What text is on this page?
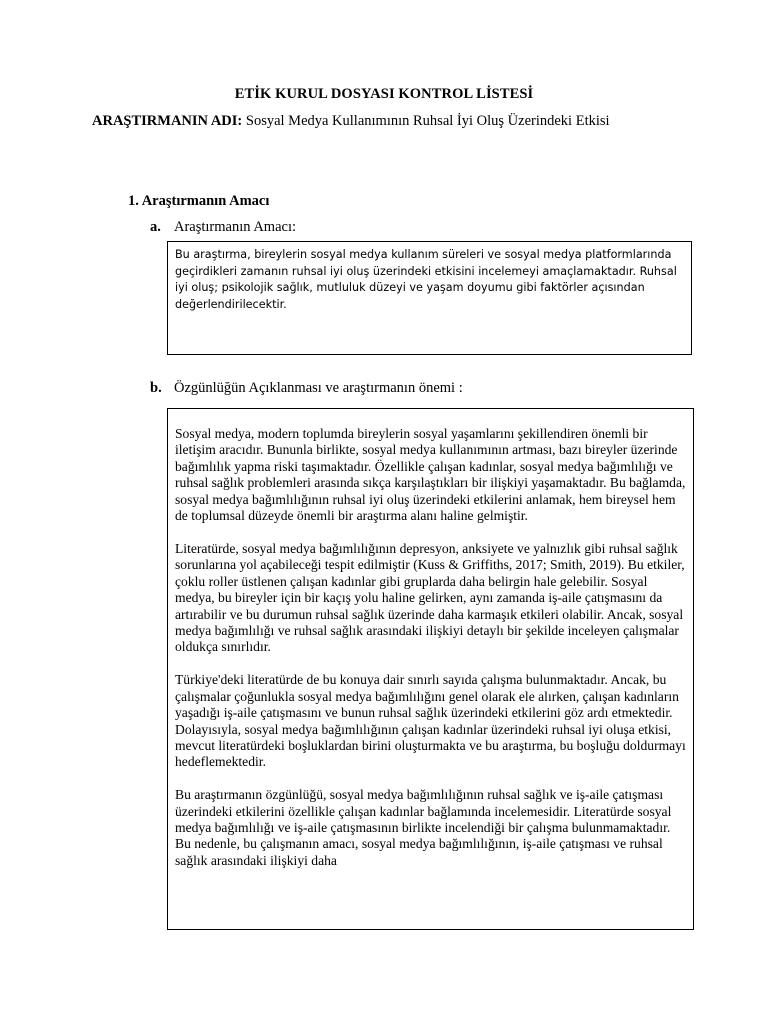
ETİK KURUL DOSYASI KONTROL LİSTESİ
ARAŞTIRMANIN ADI: Sosyal Medya Kullanımının Ruhsal İyi Oluş Üzerindeki Etkisi
1. Araştırmanın Amacı
a. Araştırmanın Amacı:

Bu araştırma, bireylerin sosyal medya kullanım süreleri ve sosyal medya platformlarında geçirdikleri zamanın ruhsal iyi oluş üzerindeki etkisini incelemeyi amaçlamaktadır. Ruhsal iyi oluş; psikolojik sağlık, mutluluk düzeyi ve yaşam doyumu gibi faktörler açısından değerlendirilecektir.

b. Özgünlüğün Açıklanması ve araştırmanın önemi :

Sosyal medya, modern toplumda bireylerin sosyal yaşamlarını şekillendiren önemli bir iletişim aracıdır. Bununla birlikte, sosyal medya kullanımının artması, bazı bireyler üzerinde bağımlılık yapma riski taşımaktadır. Özellikle çalışan kadınlar, sosyal medya bağımlılığı ve ruhsal sağlık problemleri arasında sıkça karşılaştıkları bir ilişkiyi yaşamaktadır. Bu bağlamda, sosyal medya bağımlılığının ruhsal iyi oluş üzerindeki etkilerini anlamak, hem bireysel hem de toplumsal düzeyde önemli bir araştırma alanı haline gelmiştir.

Literatürde, sosyal medya bağımlılığının depresyon, anksiyete ve yalnızlık gibi ruhsal sağlık sorunlarına yol açabileceği tespit edilmiştir (Kuss & Griffiths, 2017; Smith, 2019). Bu etkiler, çoklu roller üstlenen çalışan kadınlar gibi gruplarda daha belirgin hale gelebilir. Sosyal medya, bu bireyler için bir kaçış yolu haline gelirken, aynı zamanda iş-aile çatışmasını da artırabilir ve bu durumun ruhsal sağlık üzerinde daha karmaşık etkileri olabilir. Ancak, sosyal medya bağımlılığı ve ruhsal sağlık arasındaki ilişkiyi detaylı bir şekilde inceleyen çalışmalar oldukça sınırlıdır.

Türkiye'deki literatürde de bu konuya dair sınırlı sayıda çalışma bulunmaktadır. Ancak, bu çalışmalar çoğunlukla sosyal medya bağımlılığını genel olarak ele alırken, çalışan kadınların yaşadığı iş-aile çatışmasını ve bunun ruhsal sağlık üzerindeki etkilerini göz ardı etmektedir. Dolayısıyla, sosyal medya bağımlılığının çalışan kadınlar üzerindeki ruhsal iyi oluşa etkisi, mevcut literatürdeki boşluklardan birini oluşturmakta ve bu araştırma, bu boşluğu doldurmayı hedeflemektedir.

Bu araştırmanın özgünlüğü, sosyal medya bağımlılığının ruhsal sağlık ve iş-aile çatışması üzerindeki etkilerini özellikle çalışan kadınlar bağlamında incelemesidir. Literatürde sosyal medya bağımlılığı ve iş-aile çatışmasının birlikte incelendiği bir çalışma bulunmamaktadır. Bu nedenle, bu çalışmanın amacı, sosyal medya bağımlılığının, iş-aile çatışması ve ruhsal sağlık arasındaki ilişkiyi daha
